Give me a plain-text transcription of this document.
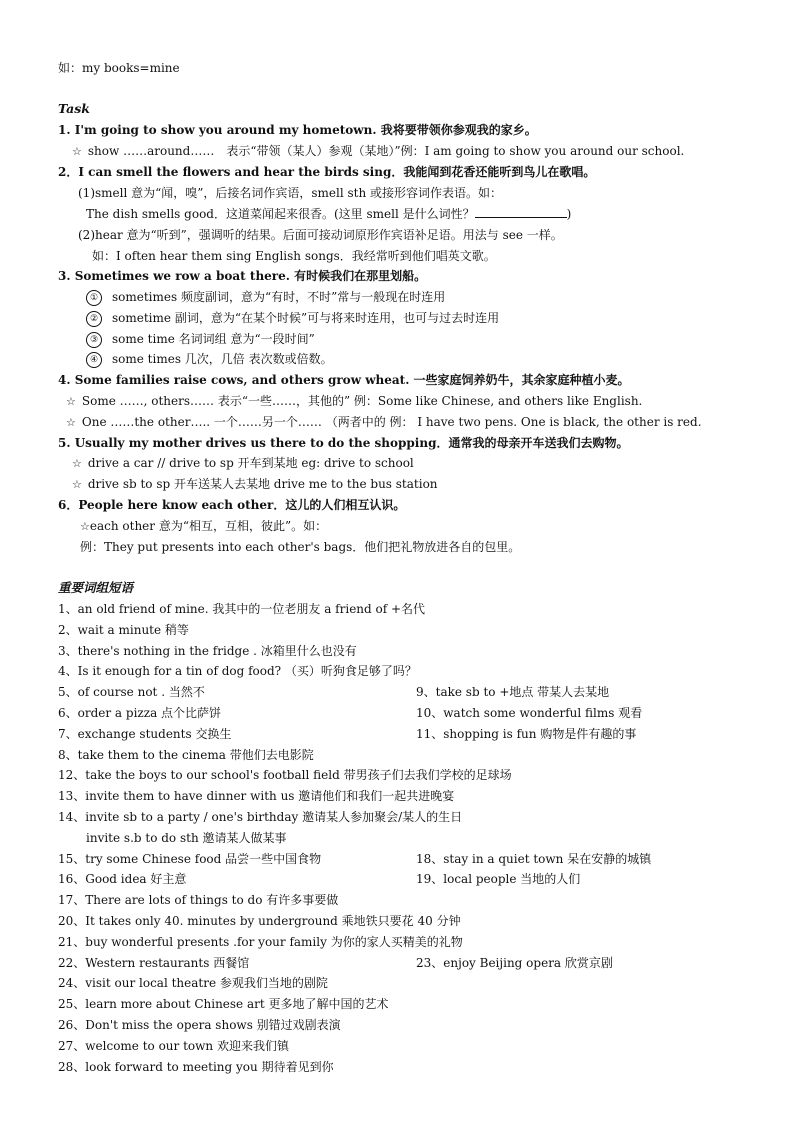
如：my books=mine
Task
1. I'm going to show you around my hometown. 我将要带领你参观我的家乡。
☆ show ……around……　表示“带领（某人）参观（某地）”例：I am going to show you around our school.
2．I can smell the flowers and hear the birds sing．我能闻到花香还能听到鸟儿在歌唱。
(1)smell 意为“闻，嗅”，后接名词作宾语，smell sth 或接形容词作表语。如：
The dish smells good．这道菜闻起来很香。(这里 smell 是什么词性？	)
(2)hear 意为“听到”，强调听的结果。后面可接动词原形作宾语补足语。用法与 see 一样。
如：I often hear them sing English songs．我经常听到他们唱英文歌。
3. Sometimes we row a boat there. 有时候我们在那里划船。
① sometimes 频度副词，意为“有时，不时”常与一般现在时连用
② sometime 副词，意为“在某个时候”可与将来时连用，也可与过去时连用
③ some time 名词词组 意为“一段时间”
④ some times 几次，几倍 表次数或倍数。
4. Some families raise cows, and others grow wheat. 一些家庭饲养奶牛，其余家庭种植小麦。
☆ Some ……, others…… 表示“一些……，其他的” 例：Some like Chinese, and others like English.
☆ One ……the other….. 一个……另一个…… （两者中的 例： I have two pens. One is black, the other is red.
5. Usually my mother drives us there to do the shopping．通常我的母亲开车送我们去购物。
☆ drive a car // drive to sp 开车到某地 eg: drive to school
☆ drive sb to sp 开车送某人去某地 drive me to the bus station
6．People here know each other．这儿的人们相互认识。
☆each other 意为“相互，互相，彼此”。如：
例：They put presents into each other's bags．他们把礼物放进各自的包里。
重要词组短语
1、an old friend of mine. 我其中的一位老朋友 a friend of +名代
2、wait a minute 稍等
3、there's nothing in the fridge . 冰箱里什么也没有
4、Is it enough for a tin of dog food? （买）听狗食足够了吗？
5、of course not . 当然不	9、take sb to +地点 带某人去某地
6、order a pizza 点个比萨饼	10、watch some wonderful films 观看
7、exchange students 交换生	11、shopping is fun 购物是件有趣的事
8、take them to the cinema 带他们去电影院
12、take the boys to our school's football field 带男孩子们去我们学校的足球场
13、invite them to have dinner with us 邀请他们和我们一起共进晚宴
14、invite sb to a party / one's birthday 邀请某人参加聚会/某人的生日
invite s.b to do sth 邀请某人做某事
15、try some Chinese food 品尝一些中国食物	18、stay in a quiet town 呆在安静的城镇
16、Good idea 好主意	19、local people 当地的人们
17、There are lots of things to do 有许多事要做
20、It takes only 40. minutes by underground 乘地铁只要花 40 分钟
21、buy wonderful presents .for your family 为你的家人买精美的礼物
22、Western restaurants 西餐馆	23、enjoy Beijing opera 欣赏京剧
24、visit our local theatre 参观我们当地的剧院
25、learn more about Chinese art 更多地了解中国的艺术
26、Don't miss the opera shows 别错过戏剧表演
27、welcome to our town 欢迎来我们镇
28、look forward to meeting you 期待着见到你
